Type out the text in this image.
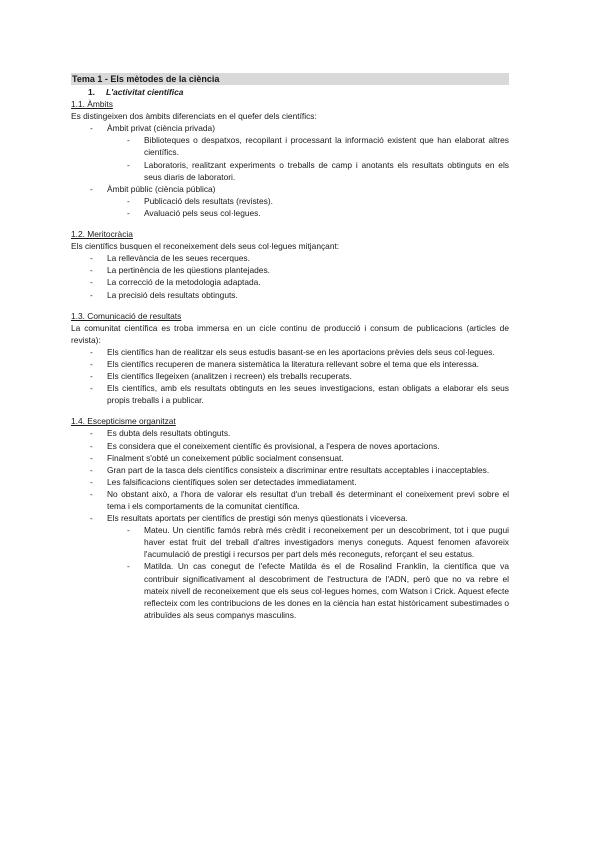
Tema 1 - Els mètodes de la ciència
1.	L'activitat científica
1.1. Àmbits

Es distingeixen dos àmbits diferenciats en el quefer dels científics:

- Àmbit privat (ciència privada)
- Biblioteques o despatxos, recopilant i processant la informació existent que han elaborat altres científics.
- Laboratoris, realitzant experiments o treballs de camp i anotants els resultats obtinguts en els seus diaris de laboratori.
- Àmbit públic (ciència pública)
- Publicació dels resultats (revistes).
- Avaluació pels seus col·legues.
1.2. Meritocràcia

Els científics busquen el reconeixement dels seus col·legues mitjançant:

- La rellevància de les seues recerques.
- La pertinència de les qüestions plantejades.
- La correcció de la metodologia adaptada.
- La precisió dels resultats obtinguts.
1.3. Comunicació de resultats

La comunitat científica es troba immersa en un cicle continu de producció i consum de publicacions (articles de revista):

- Els científics han de realitzar els seus estudis basant-se en les aportacions prèvies dels seus col·legues.
- Els científics recuperen de manera sistemàtica la literatura rellevant sobre el tema que els interessa.
- Els científics llegeixen (analitzen i recreen) els treballs recuperats.
- Els científics, amb els resultats obtinguts en les seues investigacions, estan obligats a elaborar els seus propis treballs i a publicar.
1.4. Escepticisme organitzat
- Es dubta dels resultats obtinguts.
- Es considera que el coneixement científic és provisional, a l'espera de noves aportacions.
- Finalment s'obté un coneixement públic socialment consensuat.
- Gran part de la tasca dels científics consisteix a discriminar entre resultats acceptables i inacceptables.
- Les falsificacions científiques solen ser detectades immediatament.
- No obstant això, a l'hora de valorar els resultat d'un treball és determinant el coneixement previ sobre el tema i els comportaments de la comunitat científica.
- Els resultats aportats per científics de prestigi són menys qüestionats i viceversa.
- Mateu. Un científic famós rebrà més crèdit i reconeixement per un descobriment, tot i que pugui haver estat fruit del treball d'altres investigadors menys coneguts. Aquest fenomen afavoreix l'acumulació de prestigi i recursos per part dels més reconeguts, reforçant el seu estatus.
- Matilda. Un cas conegut de l'efecte Matilda és el de Rosalind Franklin, la científica que va contribuir significativament al descobriment de l'estructura de l'ADN, però que no va rebre el mateix nivell de reconeixement que els seus col·legues homes, com Watson i Crick. Aquest efecte reflecteix com les contribucions de les dones en la ciència han estat històricament subestimades o atribuïdes als seus companys masculins.
